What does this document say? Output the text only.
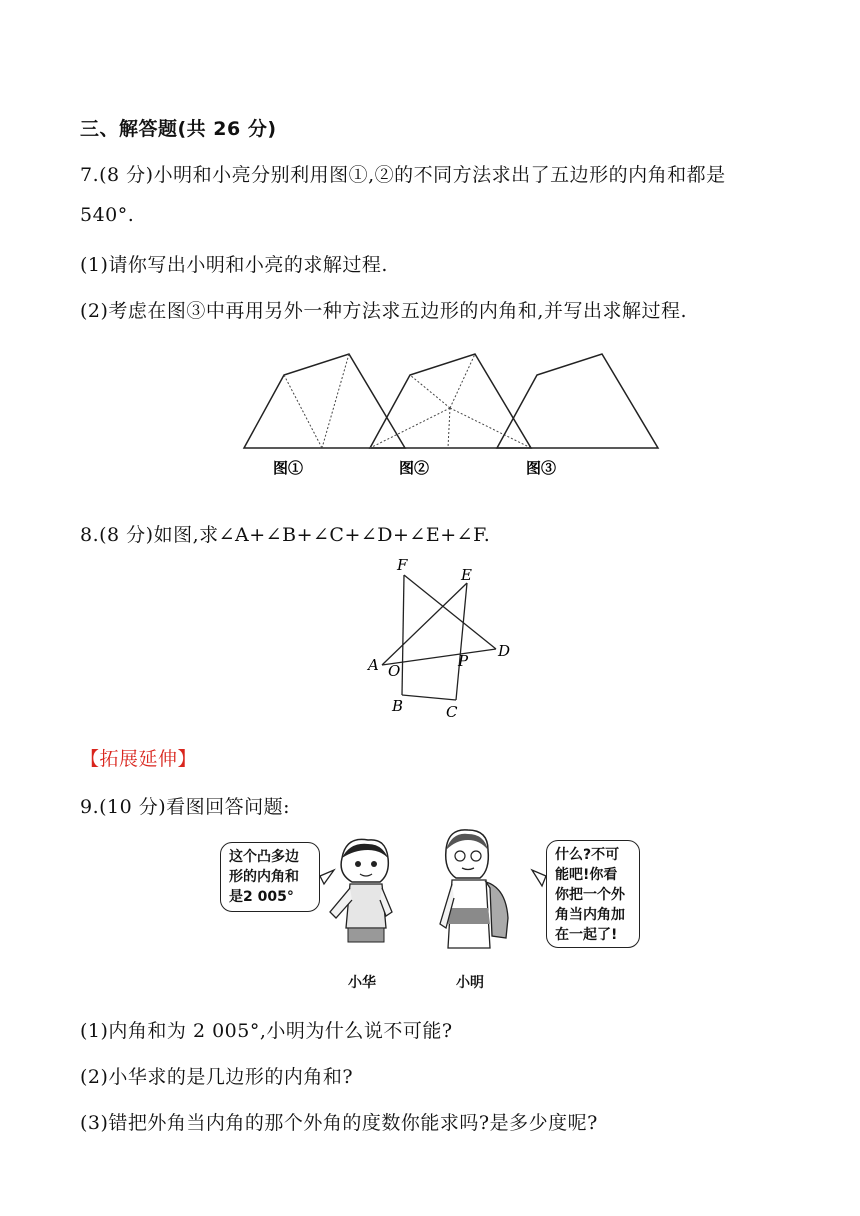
三、解答题(共 26 分)
7.(8 分)小明和小亮分别利用图①,②的不同方法求出了五边形的内角和都是
540°.
(1)请你写出小明和小亮的求解过程.
(2)考虑在图③中再用另外一种方法求五边形的内角和,并写出求解过程.
图①	图②	图③
8.(8 分)如图,求∠A+∠B+∠C+∠D+∠E+∠F.
F
E
A O
P
D
B	C
【拓展延伸】
9.(10 分)看图回答问题:
这个凸多边
形的内角和
是2 005°
什么?不可
能吧!你看
你把一个外
角当内角加
在一起了!
小华	小明
(1)内角和为 2 005°,小明为什么说不可能?
(2)小华求的是几边形的内角和?
(3)错把外角当内角的那个外角的度数你能求吗?是多少度呢?
